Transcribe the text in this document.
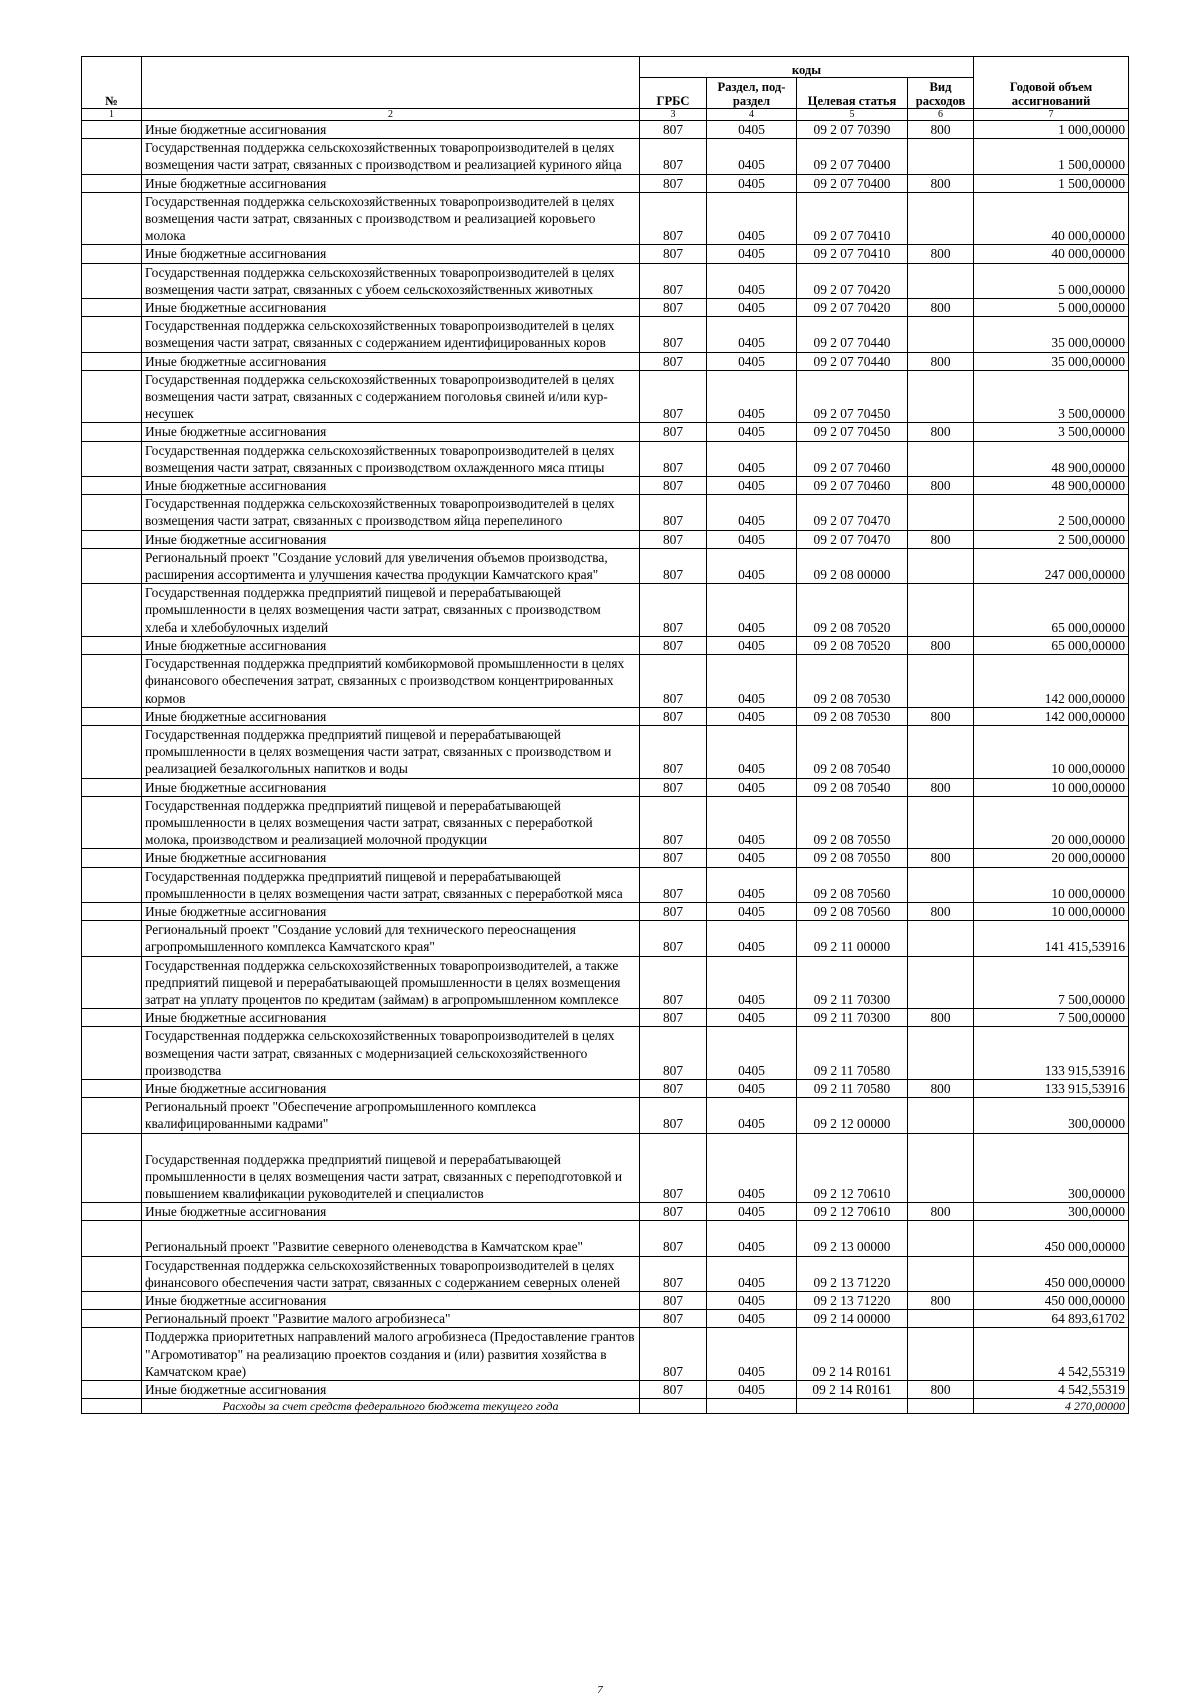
№		коды				Годовой объем ассигнований
		ГРБС	Раздел, под-раздел	Целевая статья	Вид расходов	
1	2	3	4	5	6	7
	Иные бюджетные ассигнования	807	0405	09 2 07 70390	800	1 000,00000
	Государственная поддержка сельскохозяйственных товаропроизводителей в целях возмещения части затрат, связанных с производством и реализацией куриного яйца	807	0405	09 2 07 70400		1 500,00000
	Иные бюджетные ассигнования	807	0405	09 2 07 70400	800	1 500,00000
	Государственная поддержка сельскохозяйственных товаропроизводителей в целях возмещения части затрат, связанных с производством и реализацией коровьего молока	807	0405	09 2 07 70410		40 000,00000
	Иные бюджетные ассигнования	807	0405	09 2 07 70410	800	40 000,00000
	Государственная поддержка сельскохозяйственных товаропроизводителей в целях возмещения части затрат, связанных с убоем сельскохозяйственных животных	807	0405	09 2 07 70420		5 000,00000
	Иные бюджетные ассигнования	807	0405	09 2 07 70420	800	5 000,00000
	Государственная поддержка сельскохозяйственных товаропроизводителей в целях возмещения части затрат, связанных с содержанием идентифицированных коров	807	0405	09 2 07 70440		35 000,00000
	Иные бюджетные ассигнования	807	0405	09 2 07 70440	800	35 000,00000
	Государственная поддержка сельскохозяйственных товаропроизводителей в целях возмещения части затрат, связанных с содержанием поголовья свиней и/или кур-несушек	807	0405	09 2 07 70450		3 500,00000
	Иные бюджетные ассигнования	807	0405	09 2 07 70450	800	3 500,00000
	Государственная поддержка сельскохозяйственных товаропроизводителей в целях возмещения части затрат, связанных с производством охлажденного мяса птицы	807	0405	09 2 07 70460		48 900,00000
	Иные бюджетные ассигнования	807	0405	09 2 07 70460	800	48 900,00000
	Государственная поддержка сельскохозяйственных товаропроизводителей в целях возмещения части затрат, связанных с производством яйца перепелиного	807	0405	09 2 07 70470		2 500,00000
	Иные бюджетные ассигнования	807	0405	09 2 07 70470	800	2 500,00000
	Региональный проект "Создание условий для увеличения объемов производства, расширения ассортимента и улучшения качества продукции Камчатского края"	807	0405	09 2 08 00000		247 000,00000
	Государственная поддержка предприятий пищевой и перерабатывающей промышленности в целях возмещения части затрат, связанных с производством хлеба и хлебобулочных изделий	807	0405	09 2 08 70520		65 000,00000
	Иные бюджетные ассигнования	807	0405	09 2 08 70520	800	65 000,00000
	Государственная поддержка предприятий комбикормовой промышленности в целях финансового обеспечения затрат, связанных с производством концентрированных кормов	807	0405	09 2 08 70530		142 000,00000
	Иные бюджетные ассигнования	807	0405	09 2 08 70530	800	142 000,00000
	Государственная поддержка предприятий пищевой и перерабатывающей промышленности в целях возмещения части затрат, связанных с производством и реализацией безалкогольных напитков и воды	807	0405	09 2 08 70540		10 000,00000
	Иные бюджетные ассигнования	807	0405	09 2 08 70540	800	10 000,00000
	Государственная поддержка предприятий пищевой и перерабатывающей промышленности в целях возмещения части затрат, связанных с переработкой молока, производством и реализацией молочной продукции	807	0405	09 2 08 70550		20 000,00000
	Иные бюджетные ассигнования	807	0405	09 2 08 70550	800	20 000,00000
	Государственная поддержка предприятий пищевой и перерабатывающей промышленности в целях возмещения части затрат, связанных с переработкой мяса	807	0405	09 2 08 70560		10 000,00000
	Иные бюджетные ассигнования	807	0405	09 2 08 70560	800	10 000,00000
	Региональный проект "Создание условий для технического переоснащения агропромышленного комплекса Камчатского края"	807	0405	09 2 11 00000		141 415,53916
	Государственная поддержка сельскохозяйственных товаропроизводителей, а также предприятий пищевой и перерабатывающей промышленности в целях возмещения затрат на уплату процентов по кредитам (займам) в агропромышленном комплексе	807	0405	09 2 11 70300		7 500,00000
	Иные бюджетные ассигнования	807	0405	09 2 11 70300	800	7 500,00000
	Государственная поддержка сельскохозяйственных товаропроизводителей в целях возмещения части затрат, связанных с модернизацией сельскохозяйственного производства	807	0405	09 2 11 70580		133 915,53916
	Иные бюджетные ассигнования	807	0405	09 2 11 70580	800	133 915,53916
	Региональный проект "Обеспечение агропромышленного комплекса квалифицированными кадрами"	807	0405	09 2 12 00000		300,00000
	Государственная поддержка предприятий пищевой и перерабатывающей промышленности в целях возмещения части затрат, связанных с переподготовкой и повышением квалификации руководителей и специалистов	807	0405	09 2 12 70610		300,00000
	Иные бюджетные ассигнования	807	0405	09 2 12 70610	800	300,00000
	Региональный проект "Развитие северного оленеводства в Камчатском крае"	807	0405	09 2 13 00000		450 000,00000
	Государственная поддержка сельскохозяйственных товаропроизводителей в целях финансового обеспечения части затрат, связанных с содержанием северных оленей	807	0405	09 2 13 71220		450 000,00000
	Иные бюджетные ассигнования	807	0405	09 2 13 71220	800	450 000,00000
	Региональный проект "Развитие малого агробизнеса"	807	0405	09 2 14 00000		64 893,61702
	Поддержка приоритетных направлений малого агробизнеса (Предоставление грантов "Агромотиватор" на реализацию проектов создания и (или) развития хозяйства в Камчатском крае)	807	0405	09 2 14 R0161		4 542,55319
	Иные бюджетные ассигнования	807	0405	09 2 14 R0161	800	4 542,55319
	Расходы за счет средств федерального бюджета текущего года					4 270,00000
7
